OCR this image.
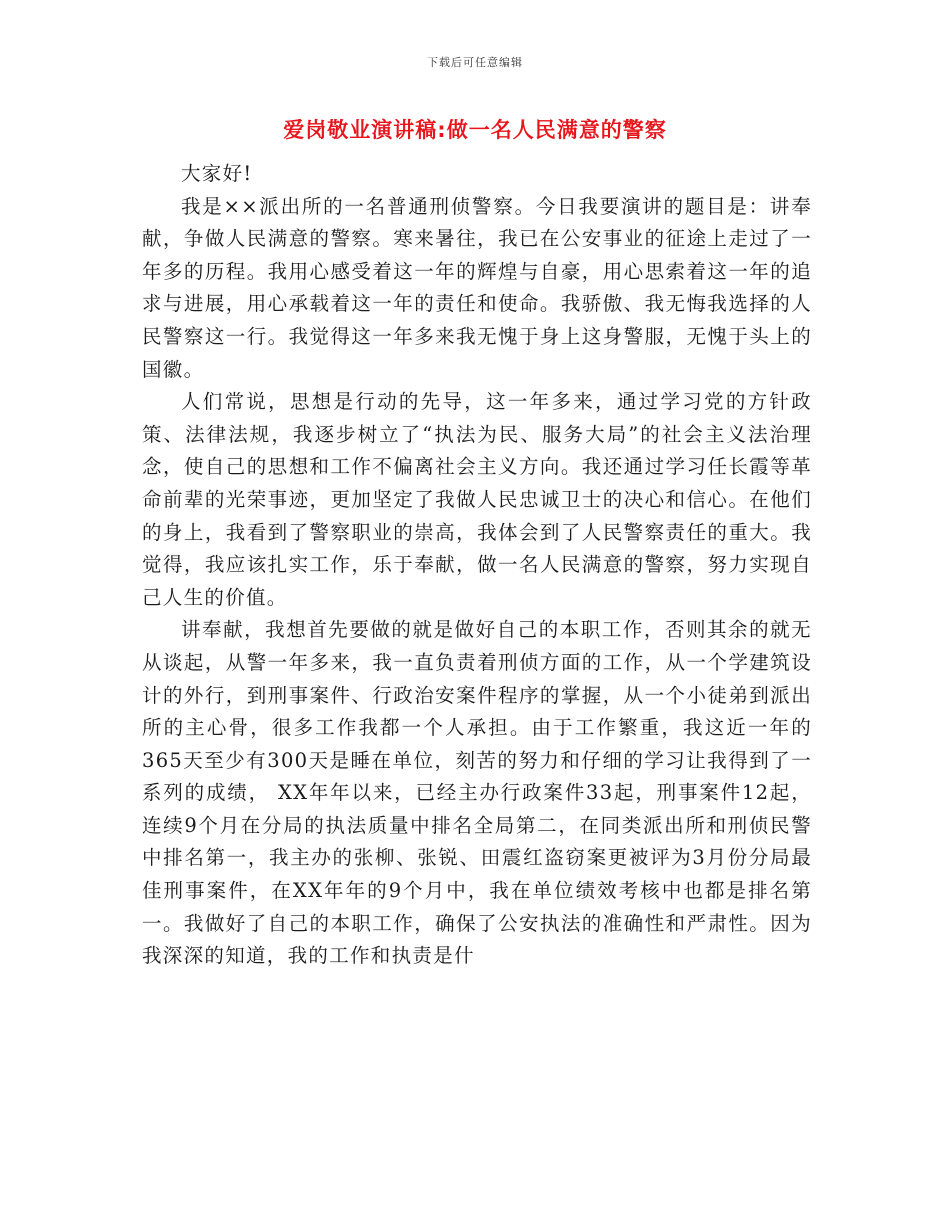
下载后可任意编辑
爱岗敬业演讲稿:做一名人民满意的警察

大家好!

我是××派出所的一名普通刑侦警察。今日我要演讲的题目是：讲奉献，争做人民满意的警察。寒来暑往，我已在公安事业的征途上走过了一年多的历程。我用心感受着这一年的辉煌与自豪，用心思索着这一年的追求与进展，用心承载着这一年的责任和使命。我骄傲、我无悔我选择的人民警察这一行。我觉得这一年多来我无愧于身上这身警服，无愧于头上的国徽。

人们常说，思想是行动的先导，这一年多来，通过学习党的方针政策、法律法规，我逐步树立了“执法为民、服务大局”的社会主义法治理念，使自己的思想和工作不偏离社会主义方向。我还通过学习任长霞等革命前辈的光荣事迹，更加坚定了我做人民忠诚卫士的决心和信心。在他们的身上，我看到了警察职业的崇高，我体会到了人民警察责任的重大。我觉得，我应该扎实工作，乐于奉献，做一名人民满意的警察，努力实现自己人生的价值。

讲奉献，我想首先要做的就是做好自己的本职工作，否则其余的就无从谈起，从警一年多来，我一直负责着刑侦方面的工作，从一个学建筑设计的外行，到刑事案件、行政治安案件程序的掌握，从一个小徒弟到派出所的主心骨，很多工作我都一个人承担。由于工作繁重，我这近一年的365天至少有300天是睡在单位，刻苦的努力和仔细的学习让我得到了一系列的成绩， XX年年以来，已经主办行政案件33起，刑事案件12起，连续9个月在分局的执法质量中排名全局第二，在同类派出所和刑侦民警中排名第一，我主办的张柳、张锐、田震红盗窃案更被评为3月份分局最佳刑事案件，在XX年年的9个月中，我在单位绩效考核中也都是排名第一。我做好了自己的本职工作，确保了公安执法的准确性和严肃性。因为我深深的知道，我的工作和执责是什
